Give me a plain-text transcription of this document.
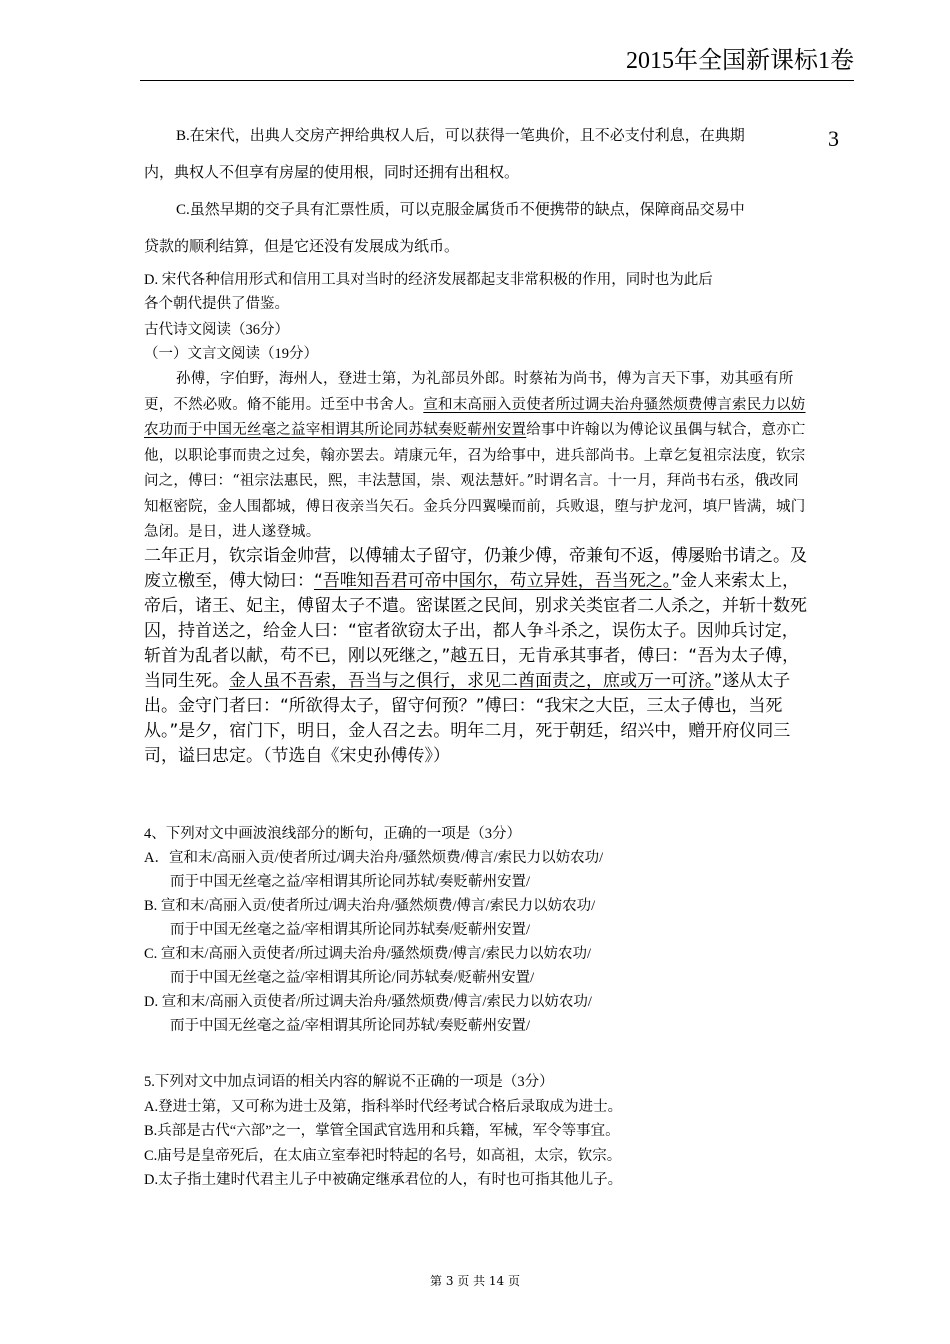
2015年全国新课标1卷
3
B.在宋代，出典人交房产押给典权人后，可以获得一笔典价，且不必支付利息，在典期
内，典权人不但享有房屋的使用根，同时还拥有出租权。
C.虽然早期的交子具有汇票性质，可以克服金属货币不便携带的缺点，保障商品交易中
贷款的顺利结算，但是它还没有发展成为纸币。
D. 宋代各种信用形式和信用工具对当时的经济发展都起支非常积极的作用，同时也为此后
各个朝代提供了借鉴。
古代诗文阅读（36分）
（一）文言文阅读（19分）
孙傅，字伯野，海州人，登进士第，为礼部员外郎。时蔡祐为尚书，傅为言天下事，劝其亟有所更，不然必败。脩不能用。迁至中书舍人。宣和末高丽入贡使者所过调夫治舟骚然烦费傅言索民力以妨农功而于中国无丝毫之益宰相谓其所论同苏轼奏贬蕲州安置给事中许翰以为傅论议虽偶与轼合，意亦亡他，以职论事而贵之过矣，翰亦罢去。靖康元年，召为给事中，进兵部尚书。上章乞复祖宗法度，钦宗问之，傅曰：“祖宗法惠民，熙，丰法慧国，崇、观法慧奸。”时谓名言。十一月，拜尚书右丞，俄改同知枢密院，金人围都城，傅日夜亲当矢石。金兵分四翼噪而前，兵败退，堕与护龙河，填尸皆满，城门急闭。是日，进人遂登城。
二年正月，钦宗诣金帅营，以傅辅太子留守，仍兼少傅，帝兼旬不返，傅屡贻书请之。及废立檄至，傅大恸曰：“吾唯知吾君可帝中国尔，苟立异姓，吾当死之。”金人来索太上，帝后，诸王、妃主，傅留太子不遣。密谋匿之民间，别求关类宦者二人杀之，并斩十数死囚，持首送之，给金人曰：“宦者欲窃太子出，都人争斗杀之，误伤太子。因帅兵讨定，斩首为乱者以献，苟不已，刚以死继之，”越五日，无肯承其事者，傅曰：“吾为太子傅，当同生死。金人虽不吾索，吾当与之俱行，求见二酋面责之，庶或万一可济。”遂从太子出。金守门者曰：“所欲得太子，留守何预？”傅曰：“我宋之大臣，三太子傅也，当死从。”是夕，宿门下，明日，金人召之去。明年二月，死于朝廷，绍兴中，赠开府仪同三司，谥曰忠定。（节选自《宋史孙傅传》）
4、下列对文中画波浪线部分的断句，正确的一项是（3分）
A．宣和末/高丽入贡/使者所过/调夫治舟/骚然烦费/傅言/索民力以妨农功/
而于中国无丝毫之益/宰相谓其所论同苏轼/奏贬蕲州安置/
B. 宣和末/高丽入贡/使者所过/调夫治舟/骚然烦费/傅言/索民力以妨农功/
而于中国无丝毫之益/宰相谓其所论同苏轼奏/贬蕲州安置/
C. 宣和末/高丽入贡使者/所过调夫治舟/骚然烦费/傅言/索民力以妨农功/
而于中国无丝毫之益/宰相谓其所论/同苏轼奏/贬蕲州安置/
D. 宣和末/高丽入贡使者/所过调夫治舟/骚然烦费/傅言/索民力以妨农功/
而于中国无丝毫之益/宰相谓其所论同苏轼/奏贬蕲州安置/
5.下列对文中加点词语的相关内容的解说不正确的一项是（3分）
A.登进士第，又可称为进士及第，指科举时代经考试合格后录取成为进士。
B.兵部是古代“六部”之一，掌管全国武官选用和兵籍，军械，军令等事宜。
C.庙号是皇帝死后，在太庙立室奉祀时特起的名号，如高祖，太宗，钦宗。
D.太子指土建时代君主儿子中被确定继承君位的人，有时也可指其他儿子。
第 3 页 共 14 页
